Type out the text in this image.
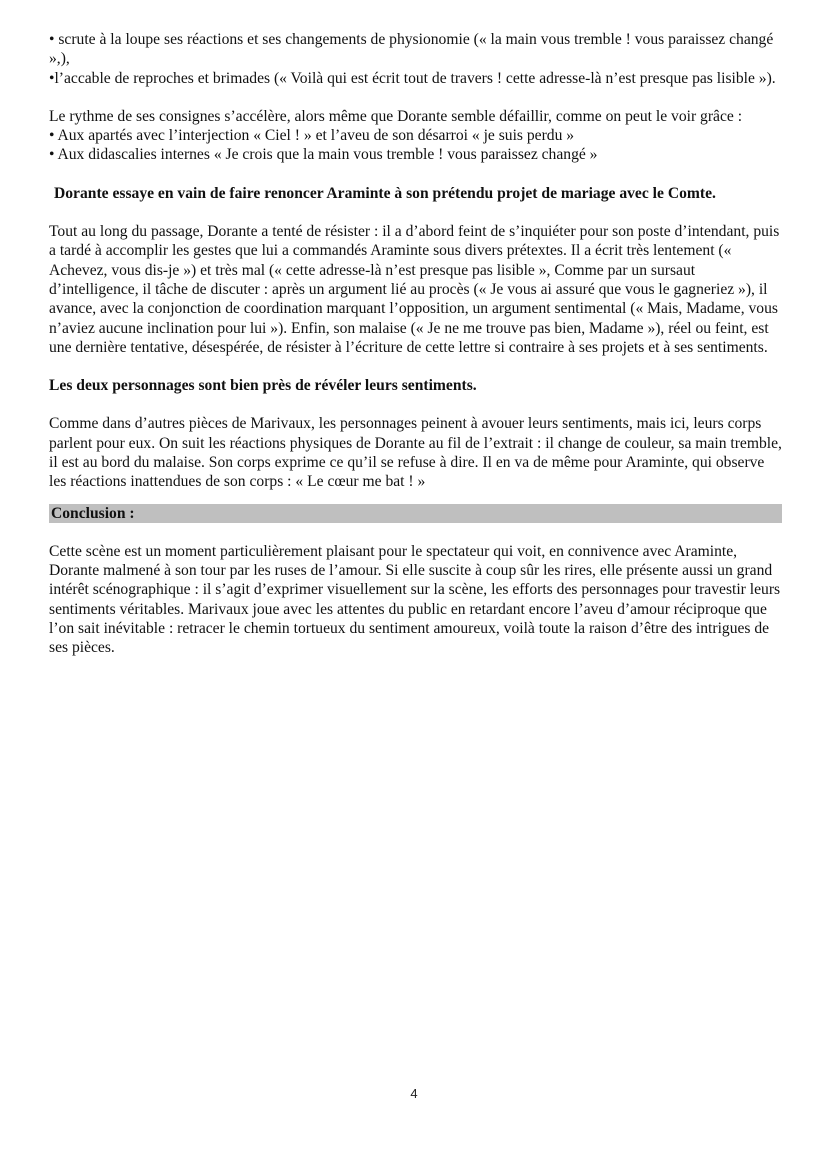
• scrute à la loupe ses réactions et ses changements de physionomie (« la main vous tremble ! vous paraissez changé »,),

•l’accable de reproches et brimades (« Voilà qui est écrit tout de travers ! cette adresse-là n’est presque pas lisible »).

Le rythme de ses consignes s’accélère, alors même que Dorante semble défaillir, comme on peut le voir grâce :

• Aux apartés avec l’interjection « Ciel ! » et l’aveu de son désarroi « je suis perdu »

• Aux didascalies internes « Je crois que la main vous tremble ! vous paraissez changé »

Dorante essaye en vain de faire renoncer Araminte à son prétendu projet de mariage avec le Comte.

Tout au long du passage, Dorante a tenté de résister : il a d’abord feint de s’inquiéter pour son poste d’intendant, puis a tardé à accomplir les gestes que lui a commandés Araminte sous divers prétextes. Il a écrit très lentement (« Achevez, vous dis-je ») et très mal (« cette adresse-là n’est presque pas lisible », Comme par un sursaut d’intelligence, il tâche de discuter : après un argument lié au procès (« Je vous ai assuré que vous le gagneriez »), il avance, avec la conjonction de coordination marquant l’opposition, un argument sentimental (« Mais, Madame, vous n’aviez aucune inclination pour lui »). Enfin, son malaise (« Je ne me trouve pas bien, Madame »), réel ou feint, est une dernière tentative, désespérée, de résister à l’écriture de cette lettre si contraire à ses projets et à ses sentiments.

Les deux personnages sont bien près de révéler leurs sentiments.

Comme dans d’autres pièces de Marivaux, les personnages peinent à avouer leurs sentiments, mais ici, leurs corps parlent pour eux. On suit les réactions physiques de Dorante au fil de l’extrait : il change de couleur, sa main tremble, il est au bord du malaise. Son corps exprime ce qu’il se refuse à dire. Il en va de même pour Araminte, qui observe les réactions inattendues de son corps : « Le cœur me bat ! »

Conclusion :

Cette scène est un moment particulièrement plaisant pour le spectateur qui voit, en connivence avec Araminte, Dorante malmené à son tour par les ruses de l’amour. Si elle suscite à coup sûr les rires, elle présente aussi un grand intérêt scénographique : il s’agit d’exprimer visuellement sur la scène, les efforts des personnages pour travestir leurs sentiments véritables. Marivaux joue avec les attentes du public en retardant encore l’aveu d’amour réciproque que l’on sait inévitable : retracer le chemin tortueux du sentiment amoureux, voilà toute la raison d’être des intrigues de ses pièces.

4
